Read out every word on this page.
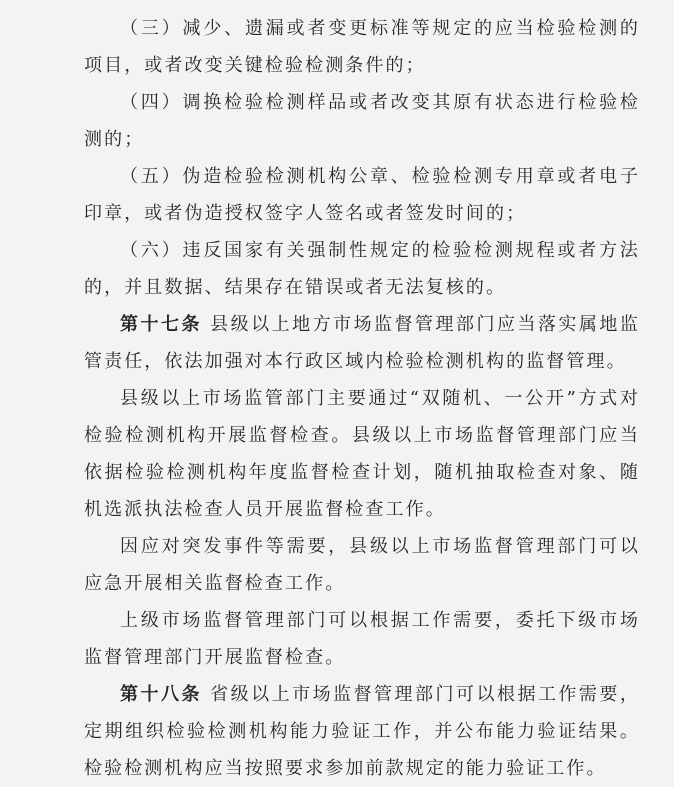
（三）减少、遗漏或者变更标准等规定的应当检验检测的项目，或者改变关键检验检测条件的；

（四）调换检验检测样品或者改变其原有状态进行检验检测的；

（五）伪造检验检测机构公章、检验检测专用章或者电子印章，或者伪造授权签字人签名或者签发时间的；

（六）违反国家有关强制性规定的检验检测规程或者方法的，并且数据、结果存在错误或者无法复核的。

第十七条 县级以上地方市场监督管理部门应当落实属地监管责任，依法加强对本行政区域内检验检测机构的监督管理。

县级以上市场监管部门主要通过“双随机、一公开”方式对检验检测机构开展监督检查。县级以上市场监督管理部门应当依据检验检测机构年度监督检查计划，随机抽取检查对象、随机选派执法检查人员开展监督检查工作。

因应对突发事件等需要，县级以上市场监督管理部门可以应急开展相关监督检查工作。

上级市场监督管理部门可以根据工作需要，委托下级市场监督管理部门开展监督检查。

第十八条 省级以上市场监督管理部门可以根据工作需要，定期组织检验检测机构能力验证工作，并公布能力验证结果。检验检测机构应当按照要求参加前款规定的能力验证工作。
